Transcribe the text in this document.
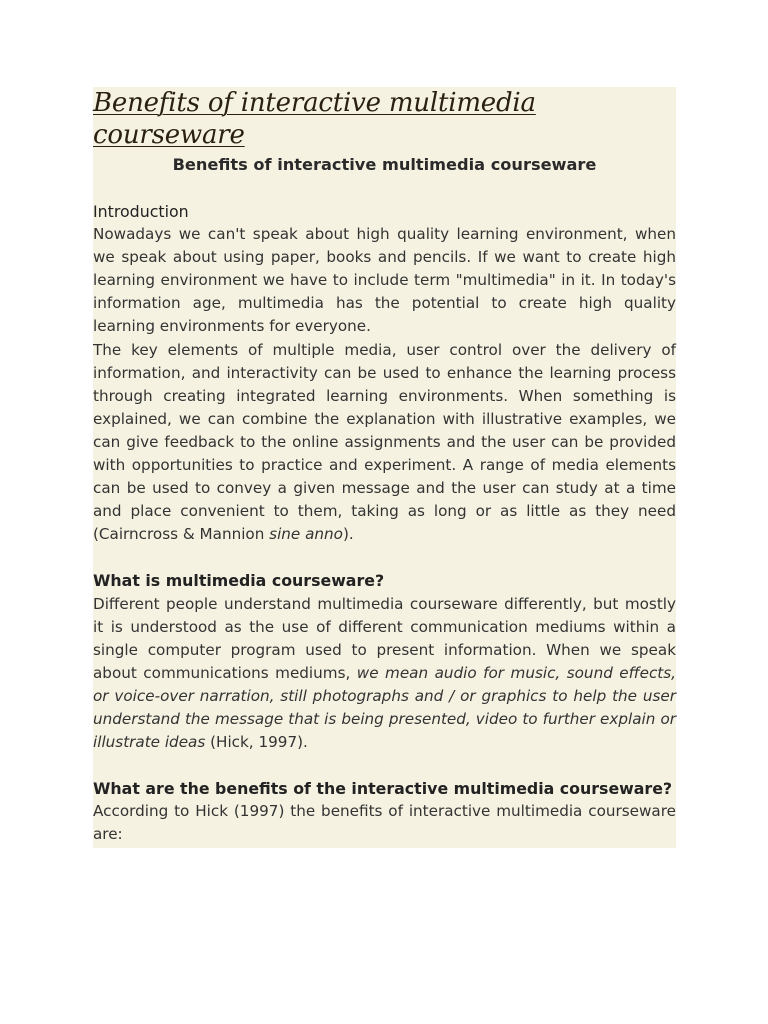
Benefits of interactive multimedia courseware
Benefits of interactive multimedia courseware
Introduction

Nowadays we can't speak about high quality learning environment, when we speak about using paper, books and pencils. If we want to create high learning environment we have to include term "multimedia" in it. In today's information age, multimedia has the potential to create high quality learning environments for everyone.

The key elements of multiple media, user control over the delivery of information, and interactivity can be used to enhance the learning process through creating integrated learning environments. When something is explained, we can combine the explanation with illustrative examples, we can give feedback to the online assignments and the user can be provided with opportunities to practice and experiment. A range of media elements can be used to convey a given message and the user can study at a time and place convenient to them, taking as long or as little as they need (Cairncross & Mannion sine anno).

What is multimedia courseware?

Different people understand multimedia courseware differently, but mostly it is understood as the use of different communication mediums within a single computer program used to present information. When we speak about communications mediums, we mean audio for music, sound effects, or voice-over narration, still photographs and / or graphics to help the user understand the message that is being presented, video to further explain or illustrate ideas (Hick, 1997).

What are the benefits of the interactive multimedia courseware?

According to Hick (1997) the benefits of interactive multimedia courseware are:
